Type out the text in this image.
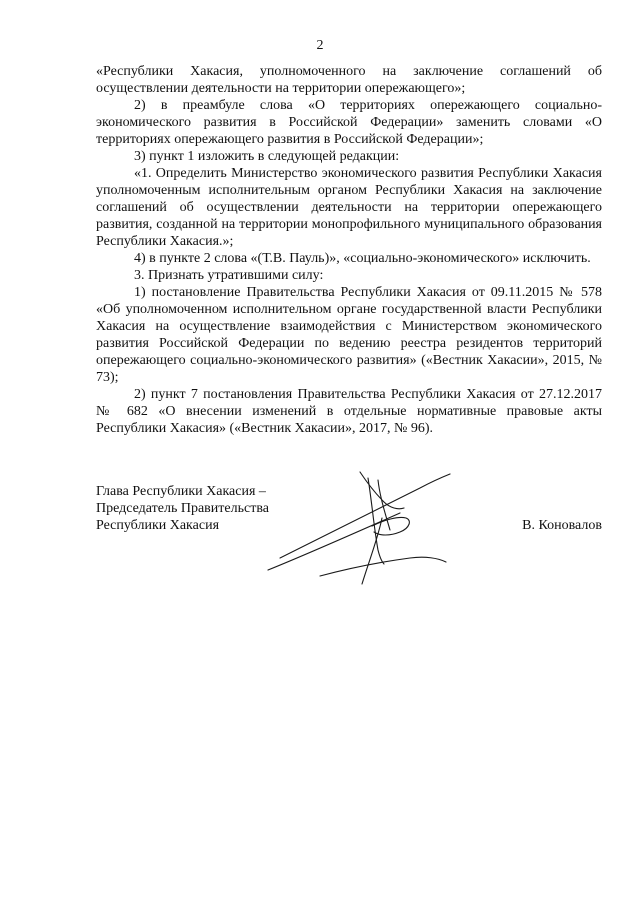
2

«Республики Хакасия, уполномоченного на заключение соглашений об осуществлении деятельности на территории опережающего»;

2) в преамбуле слова «О территориях опережающего социально-экономического развития в Российской Федерации» заменить словами «О территориях опережающего развития в Российской Федерации»;

3) пункт 1 изложить в следующей редакции:

«1. Определить Министерство экономического развития Республики Хакасия уполномоченным исполнительным органом Республики Хакасия на заключение соглашений об осуществлении деятельности на территории опережающего развития, созданной на территории монопрофильного муниципального образования Республики Хакасия.»;

4) в пункте 2 слова «(Т.В. Пауль)», «социально-экономического» исключить.

3. Признать утратившими силу:

1) постановление Правительства Республики Хакасия от 09.11.2015 № 578 «Об уполномоченном исполнительном органе государственной власти Республики Хакасия на осуществление взаимодействия с Министерством экономического развития Российской Федерации по ведению реестра резидентов территорий опережающего социально-экономического развития» («Вестник Хакасии», 2015, № 73);

2) пункт 7 постановления Правительства Республики Хакасия от 27.12.2017 № 682 «О внесении изменений в отдельные нормативные правовые акты Республики Хакасия» («Вестник Хакасии», 2017, № 96).

Глава Республики Хакасия –
Председатель Правительства
Республики Хакасия	В. Коновалов
